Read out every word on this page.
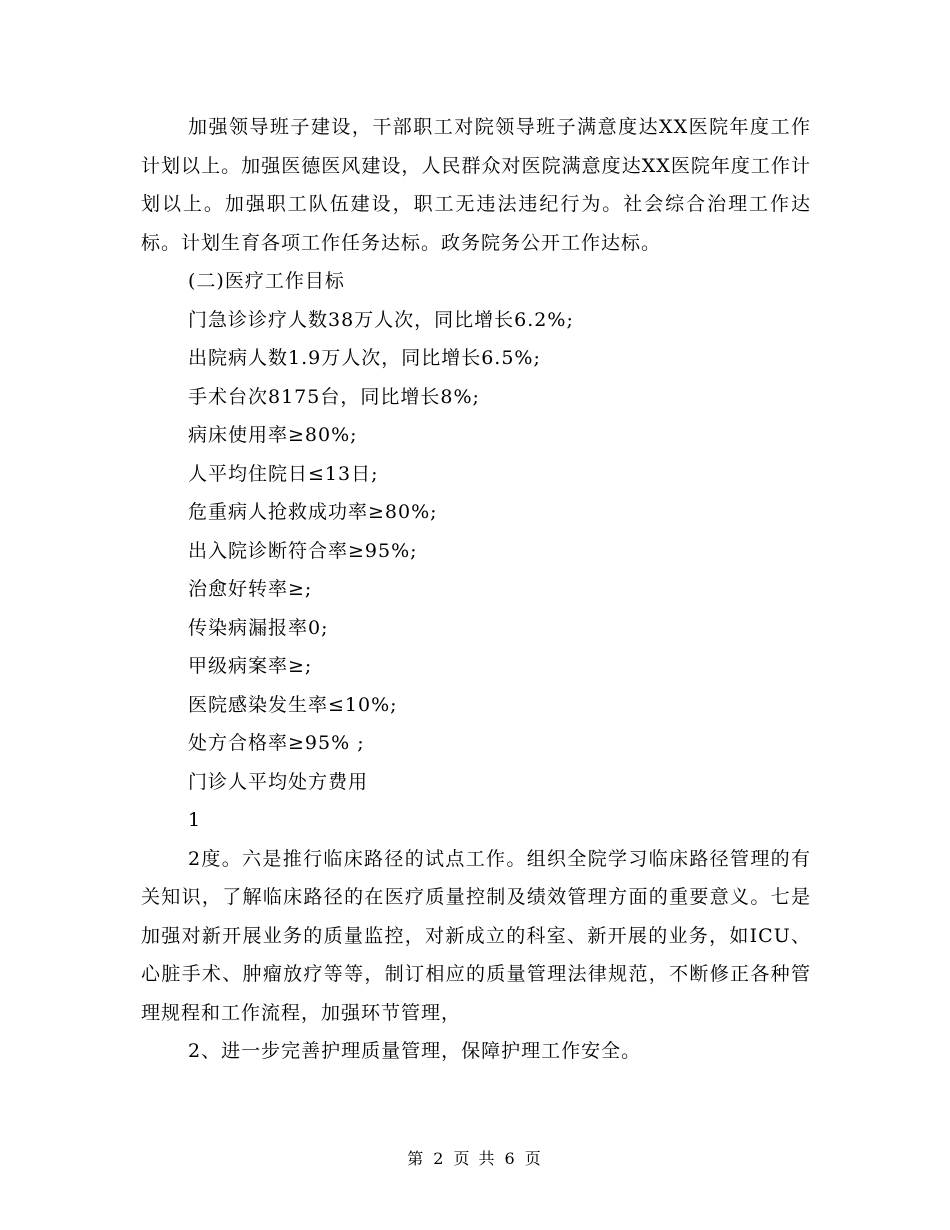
加强领导班子建设，干部职工对院领导班子满意度达XX医院年度工作计划以上。加强医德医风建设，人民群众对医院满意度达XX医院年度工作计划以上。加强职工队伍建设，职工无违法违纪行为。社会综合治理工作达标。计划生育各项工作任务达标。政务院务公开工作达标。

(二)医疗工作目标

门急诊诊疗人数38万人次，同比增长6.2%;

出院病人数1.9万人次，同比增长6.5%;

手术台次8175台，同比增长8%;

病床使用率≥80%;

人平均住院日≤13日;

危重病人抢救成功率≥80%;

出入院诊断符合率≥95%;

治愈好转率≥;

传染病漏报率0;

甲级病案率≥;

医院感染发生率≤10%;

处方合格率≥95% ;

门诊人平均处方费用

1

2度。六是推行临床路径的试点工作。组织全院学习临床路径管理的有关知识，了解临床路径的在医疗质量控制及绩效管理方面的重要意义。七是加强对新开展业务的质量监控，对新成立的科室、新开展的业务，如ICU、心脏手术、肿瘤放疗等等，制订相应的质量管理法律规范，不断修正各种管理规程和工作流程，加强环节管理，

2、进一步完善护理质量管理，保障护理工作安全。

第 2 页 共 6 页
